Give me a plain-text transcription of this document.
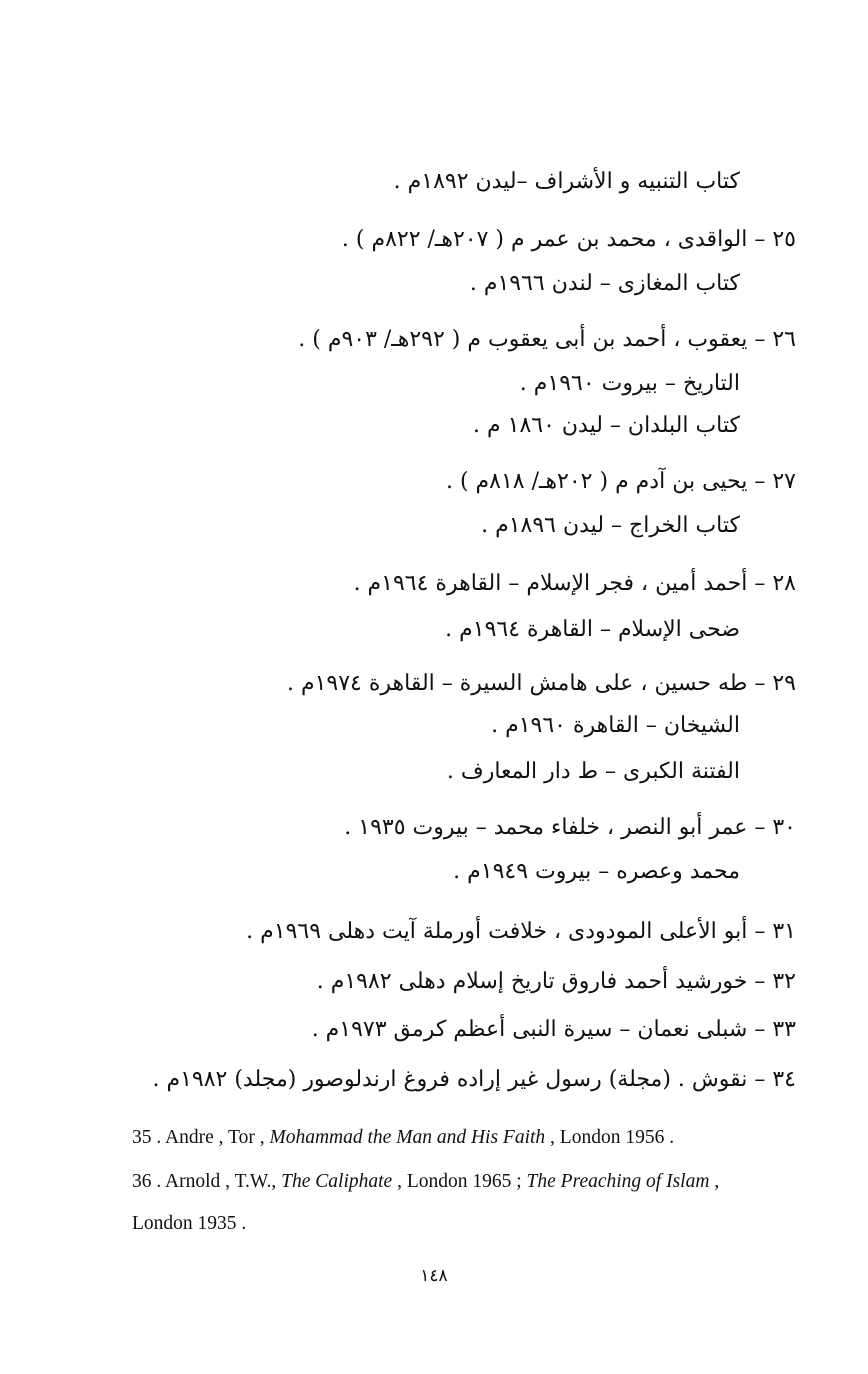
كتاب التنبيه و الأشراف –ليدن ١٨٩٢م .
٢٥ – الواقدى ، محمد بن عمر م ( ٢٠٧هـ/ ٨٢٢م ) .
كتاب المغازى – لندن ١٩٦٦م .
٢٦ – يعقوب ، أحمد بن أبى يعقوب م ( ٢٩٢هـ/ ٩٠٣م ) .
التاريخ – بيروت ١٩٦٠م .
كتاب البلدان – ليدن ١٨٦٠ م .
٢٧ – يحيى بن آدم م ( ٢٠٢هـ/ ٨١٨م ) .
كتاب الخراج – ليدن ١٨٩٦م .
٢٨ – أحمد أمين ، فجر الإسلام – القاهرة ١٩٦٤م .
ضحى الإسلام – القاهرة ١٩٦٤م .
٢٩ – طه حسين ، على هامش السيرة – القاهرة ١٩٧٤م .
الشيخان – القاهرة ١٩٦٠م .
الفتنة الكبرى – ط دار المعارف .
٣٠ – عمر أبو النصر ، خلفاء محمد – بيروت ١٩٣٥ .
محمد وعصره – بيروت ١٩٤٩م .
٣١ – أبو الأعلى المودودى ، خلافت أورملة آيت دهلى ١٩٦٩م .
٣٢ – خورشيد أحمد فاروق تاريخ إسلام دهلى ١٩٨٢م .
٣٣ – شبلى نعمان – سيرة النبى أعظم كرمق ١٩٧٣م .
٣٤ – نقوش . (مجلة) رسول غير إراده فروغ ارندلوصور (مجلد) ١٩٨٢م .
35 . Andre , Tor , Mohammad the Man and His Faith , London 1956 .
36 . Arnold , T.W., The Caliphate , London 1965 ; The Preaching of Islam ,
London 1935 .
١٤٨
